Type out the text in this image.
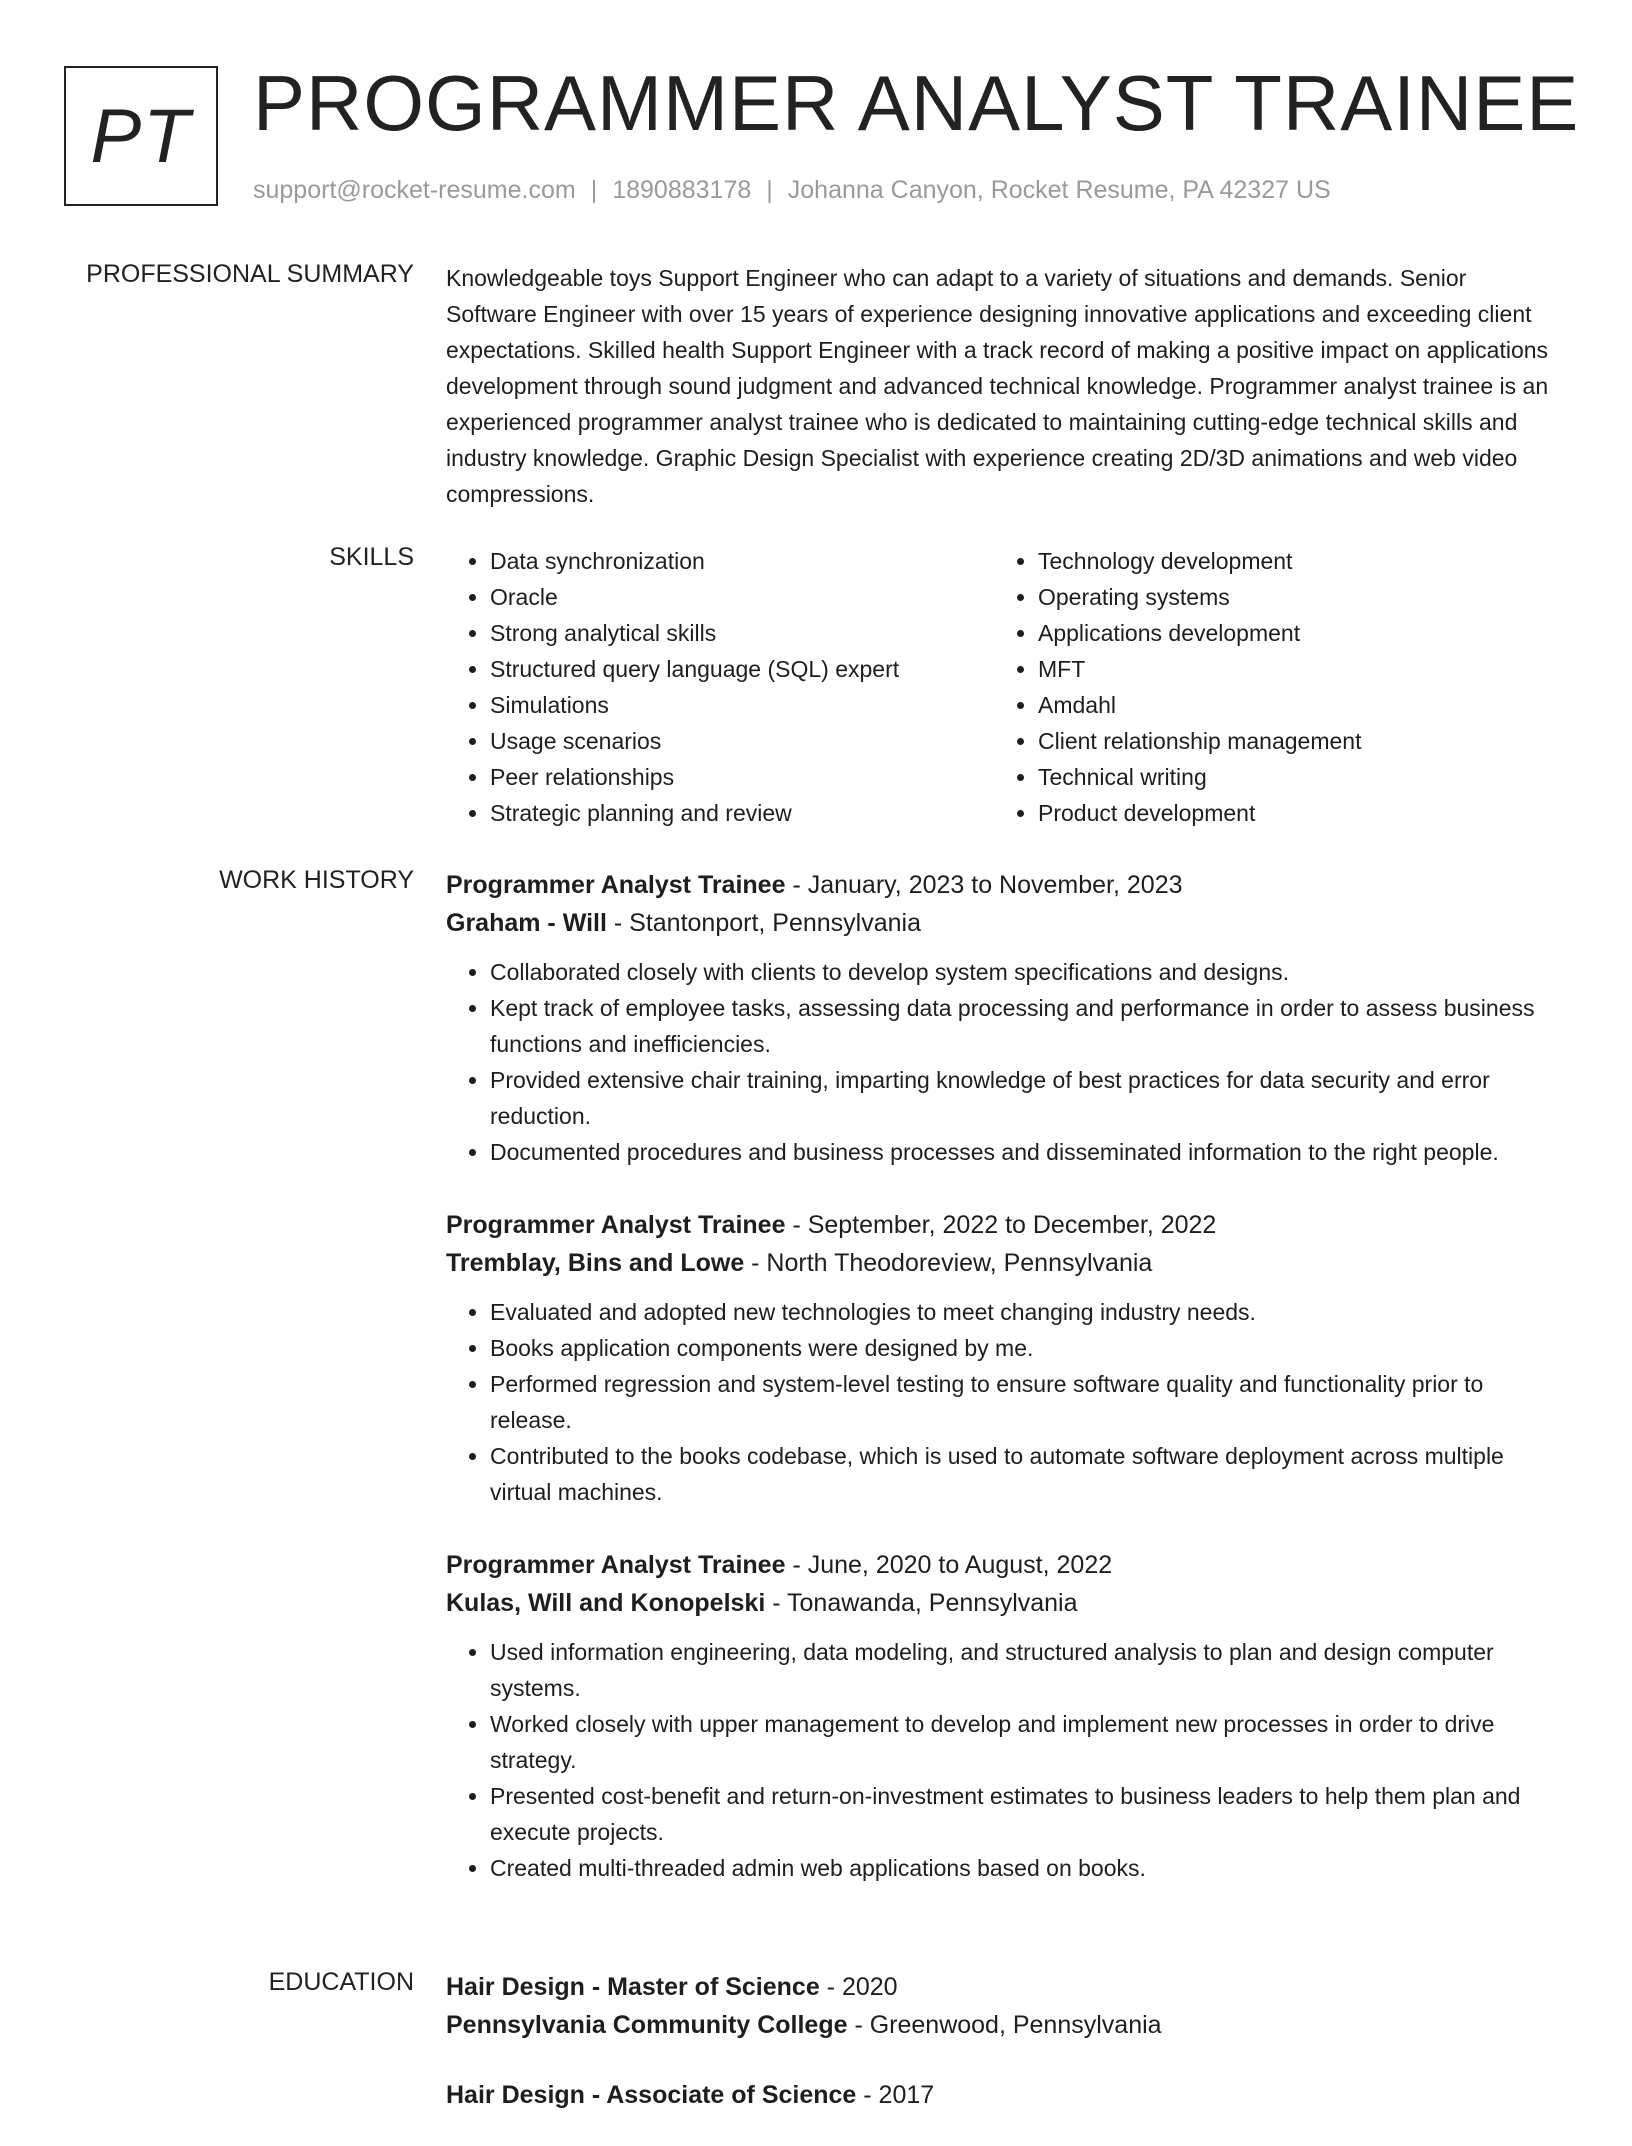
PT PROGRAMMER ANALYST TRAINEE
support@rocket-resume.com | 1890883178 | Johanna Canyon, Rocket Resume, PA 42327 US
PROFESSIONAL SUMMARY Knowledgeable toys Support Engineer who can adapt to a variety of situations and demands. Senior Software Engineer with over 15 years of experience designing innovative applications and exceeding client expectations. Skilled health Support Engineer with a track record of making a positive impact on applications development through sound judgment and advanced technical knowledge. Programmer analyst trainee is an experienced programmer analyst trainee who is dedicated to maintaining cutting-edge technical skills and industry knowledge. Graphic Design Specialist with experience creating 2D/3D animations and web video compressions.

SKILLS
•	Data synchronization
• Oracle
• Strong analytical skills
• Structured query language (SQL) expert
• Simulations
• Usage scenarios
• Peer relationships
• Strategic planning and review
• Technology development
• Operating systems
• Applications development
• MFT
• Amdahl
• Client relationship management
• Technical writing
• Product development
WORK HISTORY Programmer Analyst Trainee - January, 2023 to November, 2023
Graham - Will - Stantonport, Pennsylvania
• Collaborated closely with clients to develop system specifications and designs.
• Kept track of employee tasks, assessing data processing and performance in order to assess business functions and inefficiencies.
• Provided extensive chair training, imparting knowledge of best practices for data security and error reduction.
• Documented procedures and business processes and disseminated information to the right people.
Programmer Analyst Trainee - September, 2022 to December, 2022
Tremblay, Bins and Lowe - North Theodoreview, Pennsylvania
• Evaluated and adopted new technologies to meet changing industry needs.
• Books application components were designed by me.
• Performed regression and system-level testing to ensure software quality and functionality prior to release.
• Contributed to the books codebase, which is used to automate software deployment across multiple virtual machines.
Programmer Analyst Trainee - June, 2020 to August, 2022
Kulas, Will and Konopelski - Tonawanda, Pennsylvania
• Used information engineering, data modeling, and structured analysis to plan and design computer systems.
• Worked closely with upper management to develop and implement new processes in order to drive strategy.
• Presented cost-benefit and return-on-investment estimates to business leaders to help them plan and execute projects.
• Created multi-threaded admin web applications based on books.
EDUCATION Hair Design - Master of Science - 2020
Pennsylvania Community College - Greenwood, Pennsylvania
Hair Design - Associate of Science - 2017
